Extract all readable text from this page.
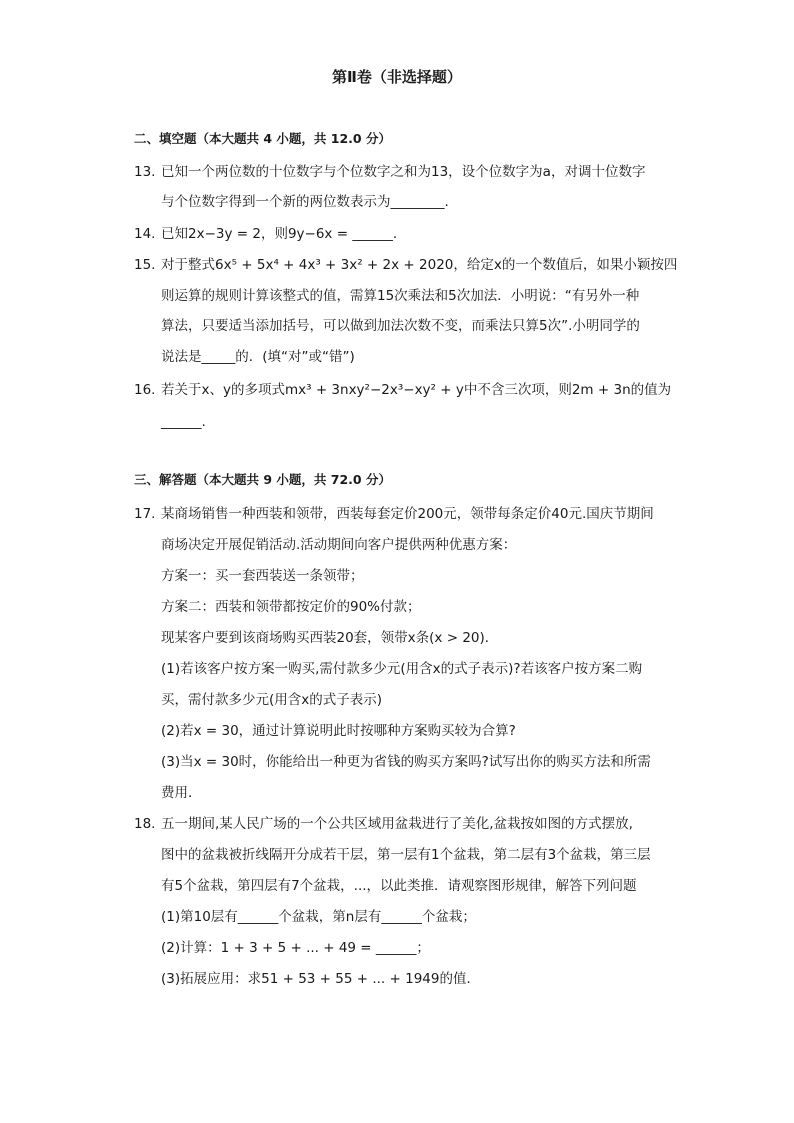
第Ⅱ卷（非选择题）
二、填空题（本大题共 4 小题，共 12.0 分）
13. 已知一个两位数的十位数字与个位数字之和为13，设个位数字为a，对调十位数字
与个位数字得到一个新的两位数表示为________.
14. 已知2x−3y = 2，则9y−6x = ______.
15. 对于整式6x⁵ + 5x⁴ + 4x³ + 3x² + 2x + 2020，给定x的一个数值后，如果小颖按四
则运算的规则计算该整式的值，需算15次乘法和5次加法．小明说：“有另外一种
算法，只要适当添加括号，可以做到加法次数不变，而乘法只算5次”.小明同学的
说法是_____的．(填“对”或“错”)
16. 若关于x、y的多项式mx³ + 3nxy²−2x³−xy² + y中不含三次项，则2m + 3n的值为
______.
三、解答题（本大题共 9 小题，共 72.0 分）
17. 某商场销售一种西装和领带，西装每套定价200元，领带每条定价40元.国庆节期间
商场决定开展促销活动.活动期间向客户提供两种优惠方案：
方案一：买一套西装送一条领带；
方案二：西装和领带都按定价的90%付款；
现某客户要到该商场购买西装20套，领带x条(x > 20)．
(1)若该客户按方案一购买,需付款多少元(用含x的式子表示)?若该客户按方案二购
买，需付款多少元(用含x的式子表示)
(2)若x = 30，通过计算说明此时按哪种方案购买较为合算?
(3)当x = 30时，你能给出一种更为省钱的购买方案吗?试写出你的购买方法和所需
费用．
18. 五一期间,某人民广场的一个公共区域用盆栽进行了美化,盆栽按如图的方式摆放,
图中的盆栽被折线隔开分成若干层，第一层有1个盆栽，第二层有3个盆栽，第三层
有5个盆栽，第四层有7个盆栽，...，以此类推．请观察图形规律，解答下列问题
(1)第10层有______个盆栽，第n层有______个盆栽；
(2)计算：1 + 3 + 5 + ... + 49 = ______；
(3)拓展应用：求51 + 53 + 55 + ... + 1949的值．
